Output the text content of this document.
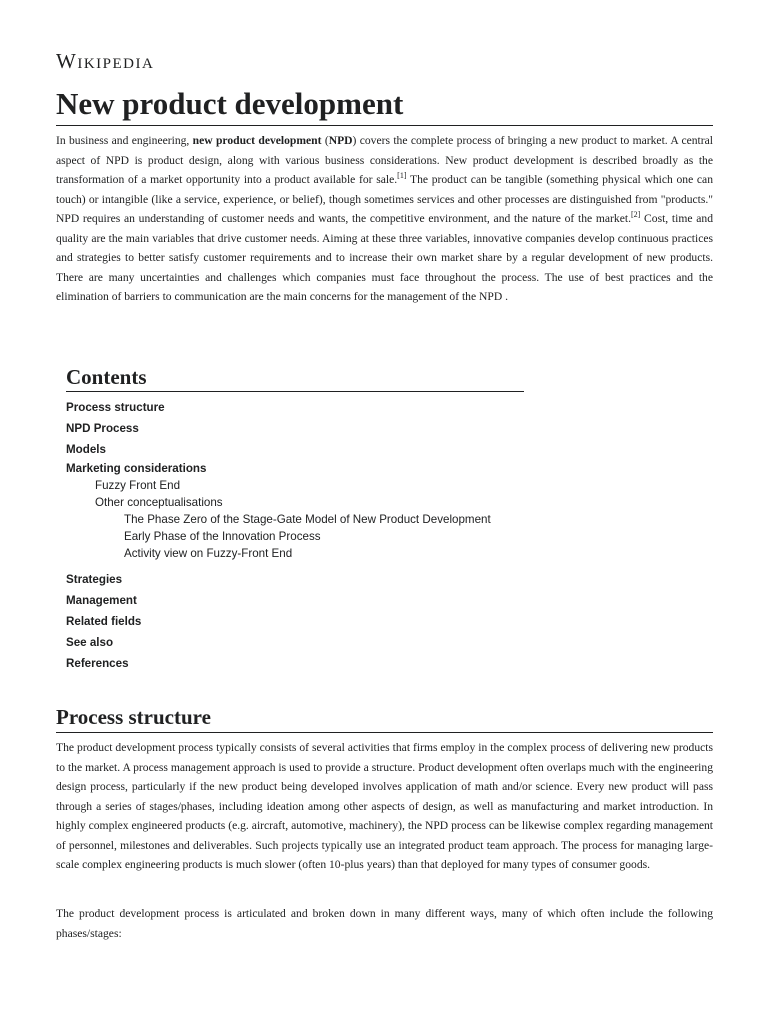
Wikipedia
New product development

In business and engineering, new product development (NPD) covers the complete process of bringing a new product to market. A central aspect of NPD is product design, along with various business considerations. New product development is described broadly as the transformation of a market opportunity into a product available for sale.[1] The product can be tangible (something physical which one can touch) or intangible (like a service, experience, or belief), though sometimes services and other processes are distinguished from "products." NPD requires an understanding of customer needs and wants, the competitive environment, and the nature of the market.[2] Cost, time and quality are the main variables that drive customer needs. Aiming at these three variables, innovative companies develop continuous practices and strategies to better satisfy customer requirements and to increase their own market share by a regular development of new products. There are many uncertainties and challenges which companies must face throughout the process. The use of best practices and the elimination of barriers to communication are the main concerns for the management of the NPD .

Contents
Process structure
NPD Process
Models
Marketing considerations
Fuzzy Front End
Other conceptualisations
The Phase Zero of the Stage-Gate Model of New Product Development
Early Phase of the Innovation Process
Activity view on Fuzzy-Front End
Strategies
Management
Related fields
See also
References
Process structure

The product development process typically consists of several activities that firms employ in the complex process of delivering new products to the market. A process management approach is used to provide a structure. Product development often overlaps much with the engineering design process, particularly if the new product being developed involves application of math and/or science. Every new product will pass through a series of stages/phases, including ideation among other aspects of design, as well as manufacturing and market introduction. In highly complex engineered products (e.g. aircraft, automotive, machinery), the NPD process can be likewise complex regarding management of personnel, milestones and deliverables. Such projects typically use an integrated product team approach. The process for managing large-scale complex engineering products is much slower (often 10-plus years) than that deployed for many types of consumer goods.

The product development process is articulated and broken down in many different ways, many of which often include the following phases/stages:
